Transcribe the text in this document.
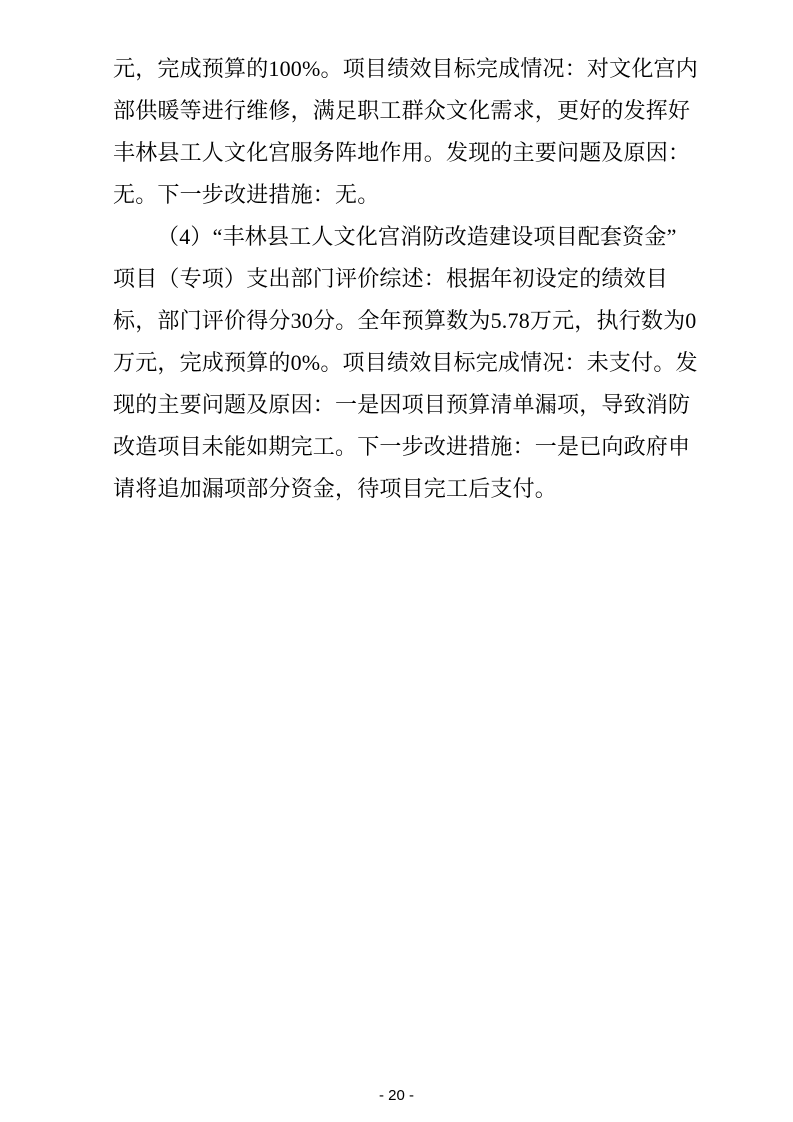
元，完成预算的100%。项目绩效目标完成情况：对文化宫内
部供暖等进行维修，满足职工群众文化需求，更好的发挥好
丰林县工人文化宫服务阵地作用。发现的主要问题及原因：
无。下一步改进措施：无。
（4）“丰林县工人文化宫消防改造建设项目配套资金”
项目（专项）支出部门评价综述：根据年初设定的绩效目
标，部门评价得分30分。全年预算数为5.78万元，执行数为0
万元，完成预算的0%。项目绩效目标完成情况：未支付。发
现的主要问题及原因：一是因项目预算清单漏项，导致消防
改造项目未能如期完工。下一步改进措施：一是已向政府申
请将追加漏项部分资金，待项目完工后支付。
- 20 -
